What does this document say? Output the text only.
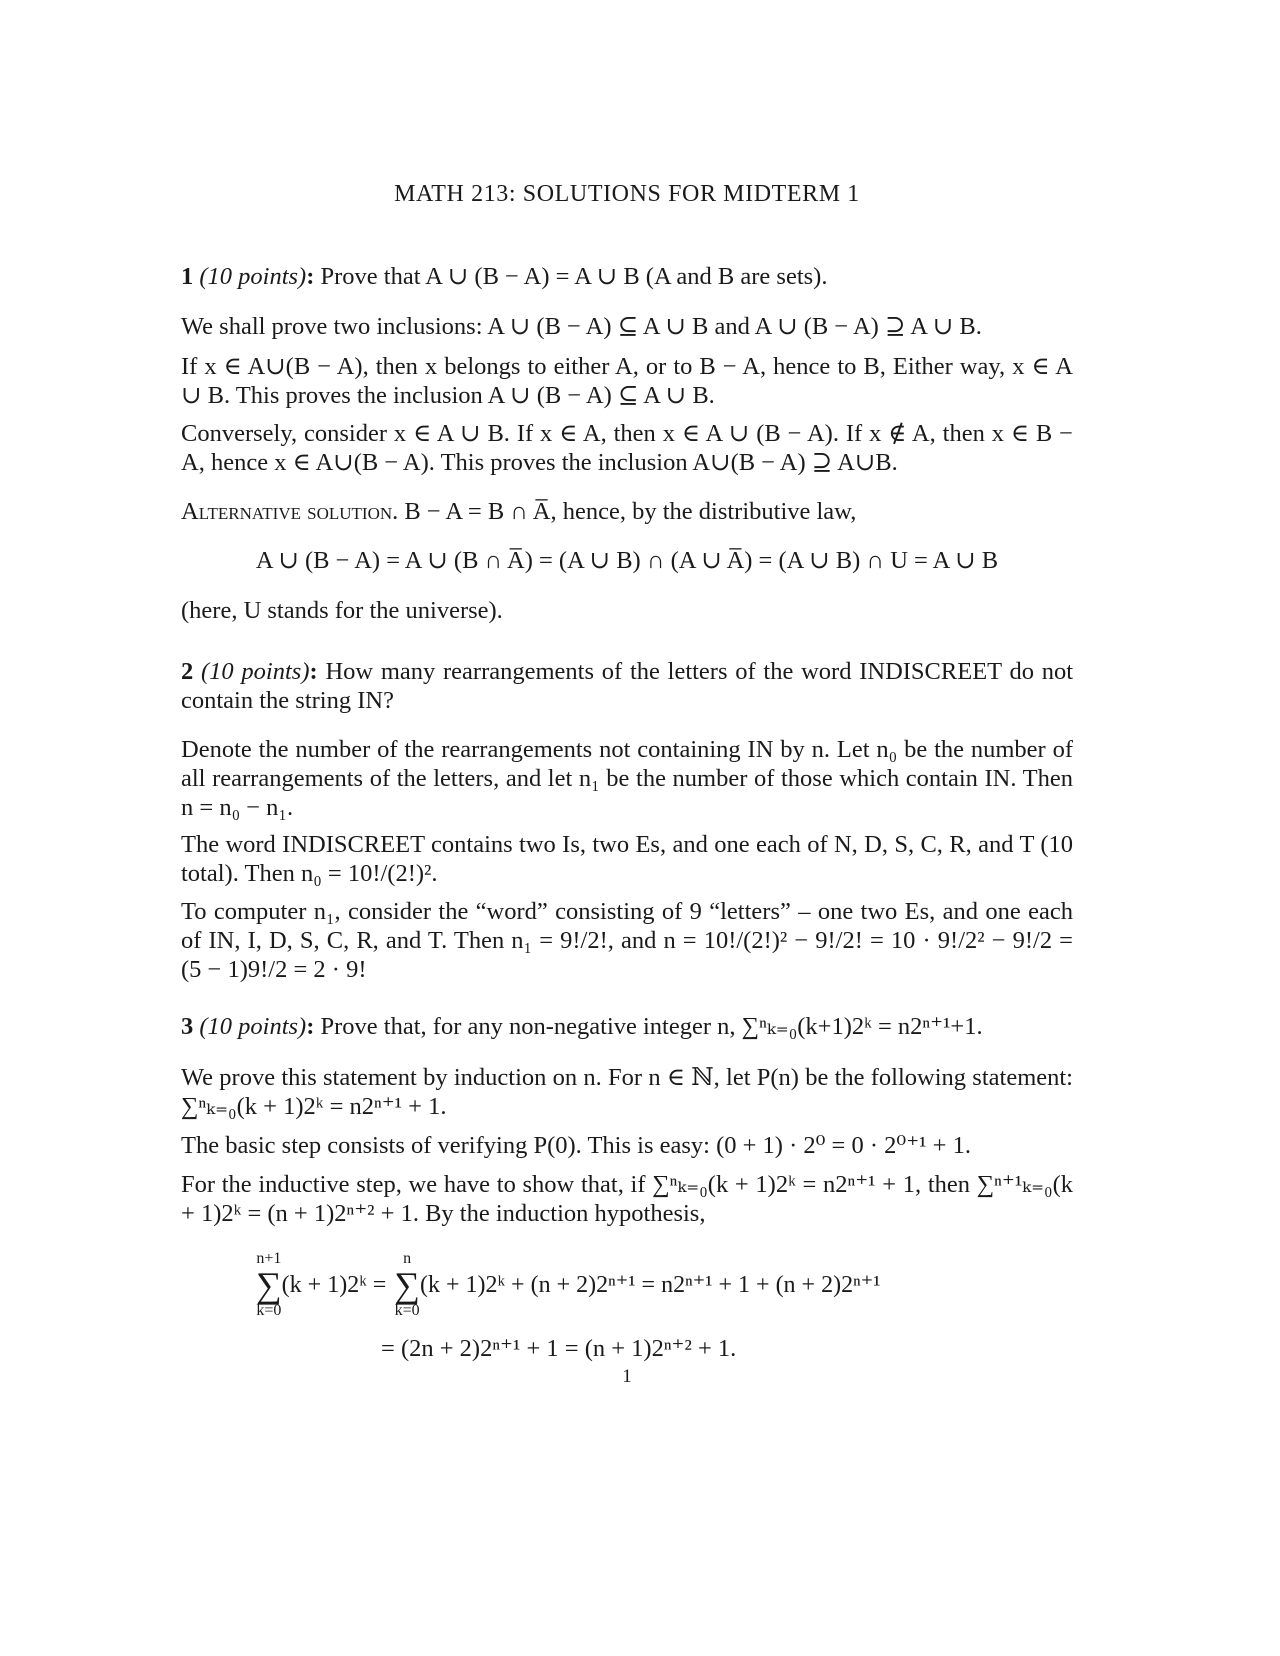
MATH 213: SOLUTIONS FOR MIDTERM 1
1 (10 points): Prove that A ∪ (B − A) = A ∪ B (A and B are sets).
We shall prove two inclusions: A ∪ (B − A) ⊆ A ∪ B and A ∪ (B − A) ⊇ A ∪ B.
If x ∈ A∪(B − A), then x belongs to either A, or to B − A, hence to B, Either way, x ∈ A ∪ B. This proves the inclusion A ∪ (B − A) ⊆ A ∪ B.
Conversely, consider x ∈ A ∪ B. If x ∈ A, then x ∈ A ∪ (B − A). If x ∉ A, then x ∈ B − A, hence x ∈ A∪(B − A). This proves the inclusion A∪(B − A) ⊇ A∪B.
Alternative solution. B − A = B ∩ A̅, hence, by the distributive law,
A ∪ (B − A) = A ∪ (B ∩ A̅) = (A ∪ B) ∩ (A ∪ A̅) = (A ∪ B) ∩ U = A ∪ B
(here, U stands for the universe).
2 (10 points): How many rearrangements of the letters of the word INDISCREET do not contain the string IN?
Denote the number of the rearrangements not containing IN by n. Let n₀ be the number of all rearrangements of the letters, and let n₁ be the number of those which contain IN. Then n = n₀ − n₁.
The word INDISCREET contains two Is, two Es, and one each of N, D, S, C, R, and T (10 total). Then n₀ = 10!/(2!)².
To computer n₁, consider the “word” consisting of 9 “letters” – one two Es, and one each of IN, I, D, S, C, R, and T. Then n₁ = 9!/2!, and n = 10!/(2!)² − 9!/2! = 10 · 9!/2² − 9!/2 = (5 − 1)9!/2 = 2 · 9!
3 (10 points): Prove that, for any non-negative integer n, ∑ⁿₖ₌₀(k+1)2ᵏ = n2ⁿ⁺¹+1.
We prove this statement by induction on n. For n ∈ ℕ, let P(n) be the following statement: ∑ⁿₖ₌₀(k + 1)2ᵏ = n2ⁿ⁺¹ + 1.
The basic step consists of verifying P(0). This is easy: (0 + 1) · 2⁰ = 0 · 2⁰⁺¹ + 1.
For the inductive step, we have to show that, if ∑ⁿₖ₌₀(k + 1)2ᵏ = n2ⁿ⁺¹ + 1, then ∑ⁿ⁺¹ₖ₌₀(k + 1)2ᵏ = (n + 1)2ⁿ⁺² + 1. By the induction hypothesis,
n+1
∑
k=0
(k + 1)2ᵏ =
n
∑
k=0
(k + 1)2ᵏ + (n + 2)2ⁿ⁺¹ = n2ⁿ⁺¹ + 1 + (n + 2)2ⁿ⁺¹
= (2n + 2)2ⁿ⁺¹ + 1 = (n + 1)2ⁿ⁺² + 1.
1
